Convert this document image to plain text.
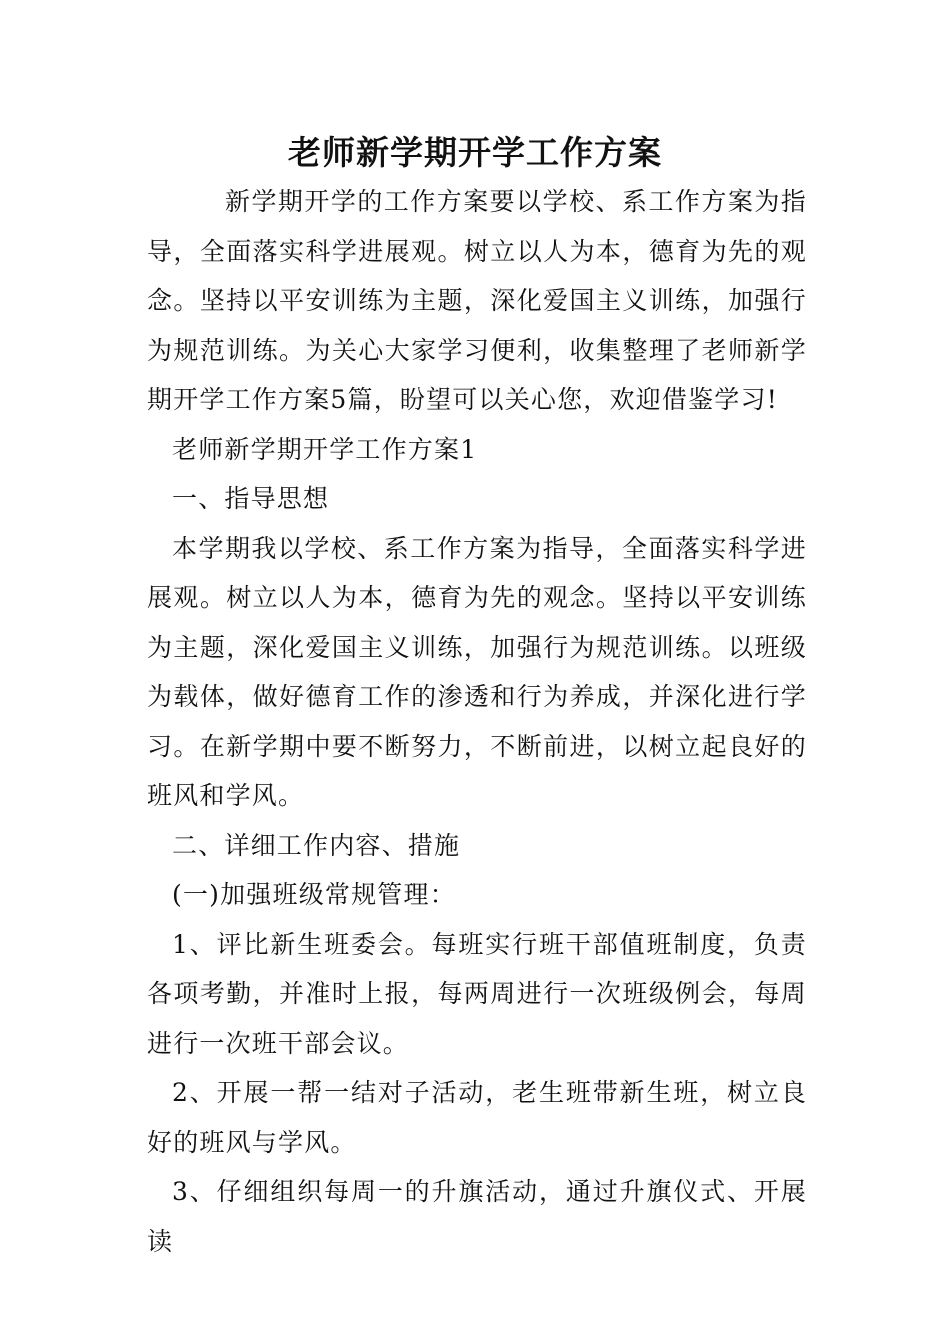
老师新学期开学工作方案

新学期开学的工作方案要以学校、系工作方案为指导，全面落实科学进展观。树立以人为本，德育为先的观念。坚持以平安训练为主题，深化爱国主义训练，加强行为规范训练。为关心大家学习便利，收集整理了老师新学期开学工作方案5篇，盼望可以关心您，欢迎借鉴学习!

老师新学期开学工作方案1

一、指导思想

本学期我以学校、系工作方案为指导，全面落实科学进展观。树立以人为本，德育为先的观念。坚持以平安训练为主题，深化爱国主义训练，加强行为规范训练。以班级为载体，做好德育工作的渗透和行为养成，并深化进行学习。在新学期中要不断努力，不断前进，以树立起良好的班风和学风。

二、详细工作内容、措施

(一)加强班级常规管理：

1、评比新生班委会。每班实行班干部值班制度，负责各项考勤，并准时上报，每两周进行一次班级例会，每周进行一次班干部会议。

2、开展一帮一结对子活动，老生班带新生班，树立良好的班风与学风。

3、仔细组织每周一的升旗活动，通过升旗仪式、开展读
